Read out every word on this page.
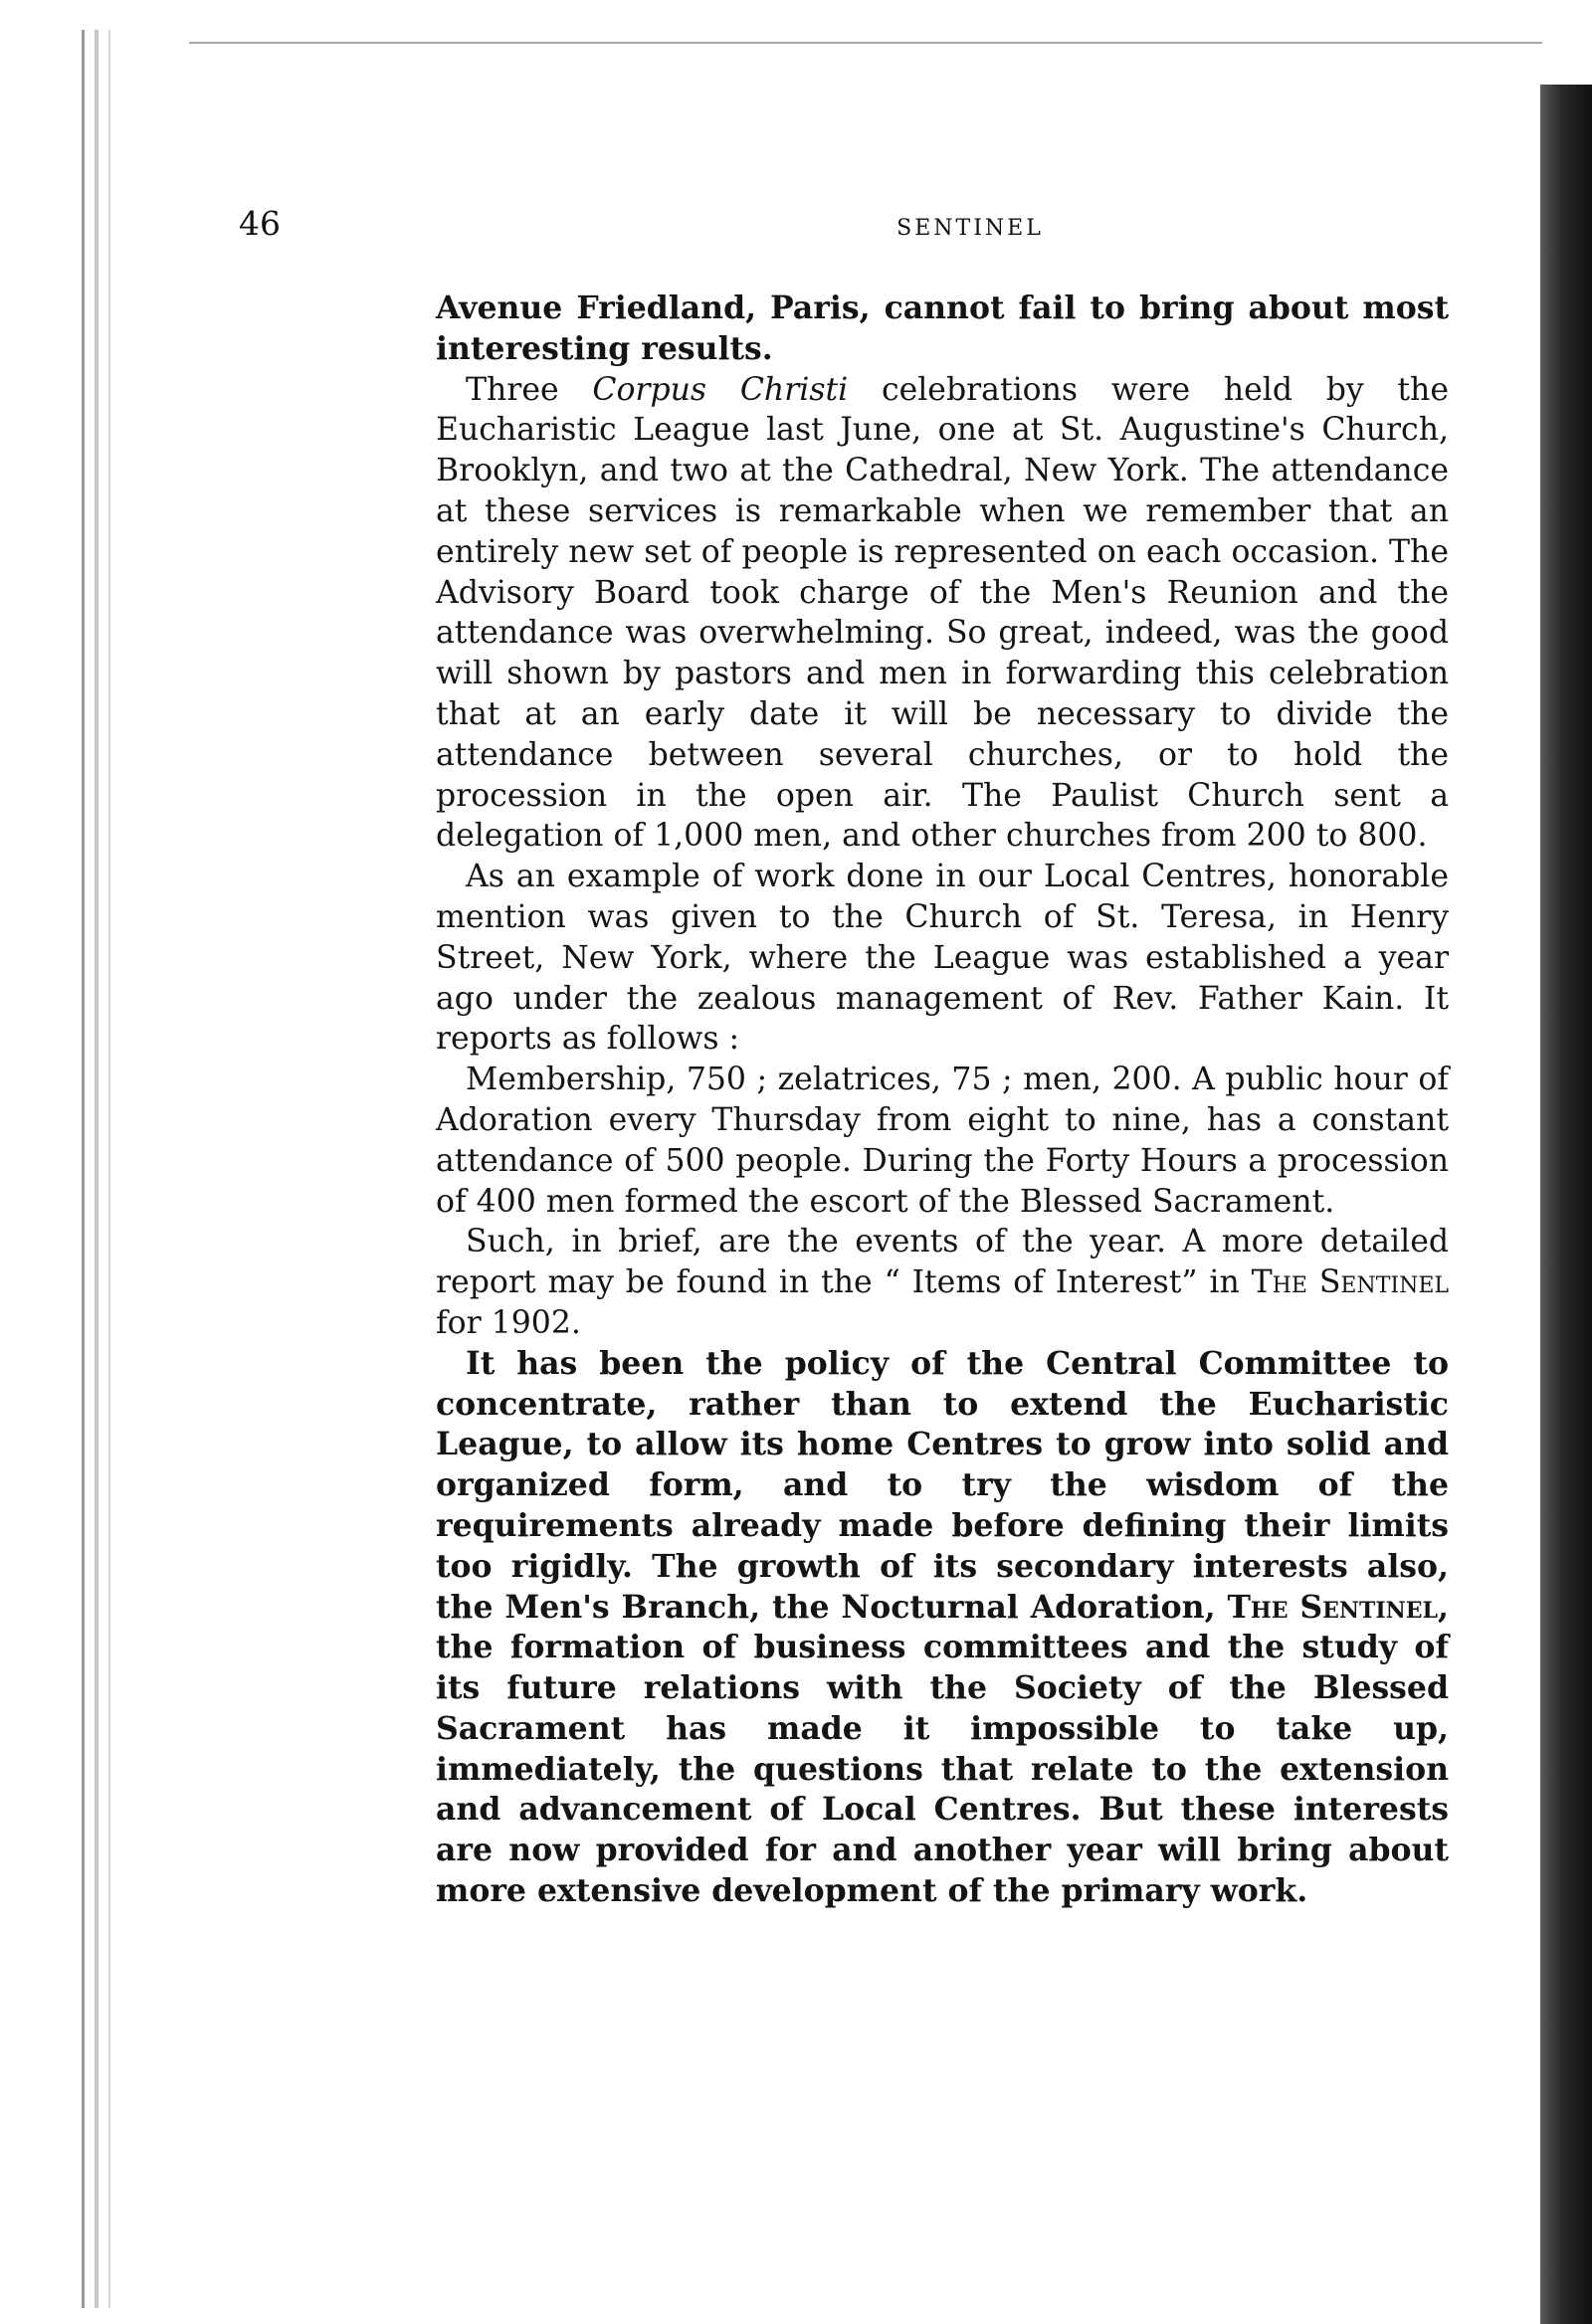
46	SENTINEL

Avenue Friedland, Paris, cannot fail to bring about most interesting results.

Three Corpus Christi celebrations were held by the Eucharistic League last June, one at St. Augustine's Church, Brooklyn, and two at the Cathedral, New York. The attendance at these services is remarkable when we remember that an entirely new set of people is represented on each occasion. The Advisory Board took charge of the Men's Reunion and the attendance was overwhelming. So great, indeed, was the good will shown by pastors and men in forwarding this celebration that at an early date it will be necessary to divide the attendance between several churches, or to hold the procession in the open air. The Paulist Church sent a delegation of 1,000 men, and other churches from 200 to 800.

As an example of work done in our Local Centres, honorable mention was given to the Church of St. Teresa, in Henry Street, New York, where the League was established a year ago under the zealous management of Rev. Father Kain. It reports as follows :

Membership, 750 ; zelatrices, 75 ; men, 200. A public hour of Adoration every Thursday from eight to nine, has a constant attendance of 500 people. During the Forty Hours a procession of 400 men formed the escort of the Blessed Sacrament.

Such, in brief, are the events of the year. A more detailed report may be found in the “ Items of Interest” in The Sentinel for 1902.

It has been the policy of the Central Committee to concentrate, rather than to extend the Eucharistic League, to allow its home Centres to grow into solid and organized form, and to try the wisdom of the requirements already made before defining their limits too rigidly. The growth of its secondary interests also, the Men's Branch, the Nocturnal Adoration, The Sentinel, the formation of business committees and the study of its future relations with the Society of the Blessed Sacrament has made it impossible to take up, immediately, the questions that relate to the extension and advancement of Local Centres. But these interests are now provided for and another year will bring about more extensive development of the primary work.
